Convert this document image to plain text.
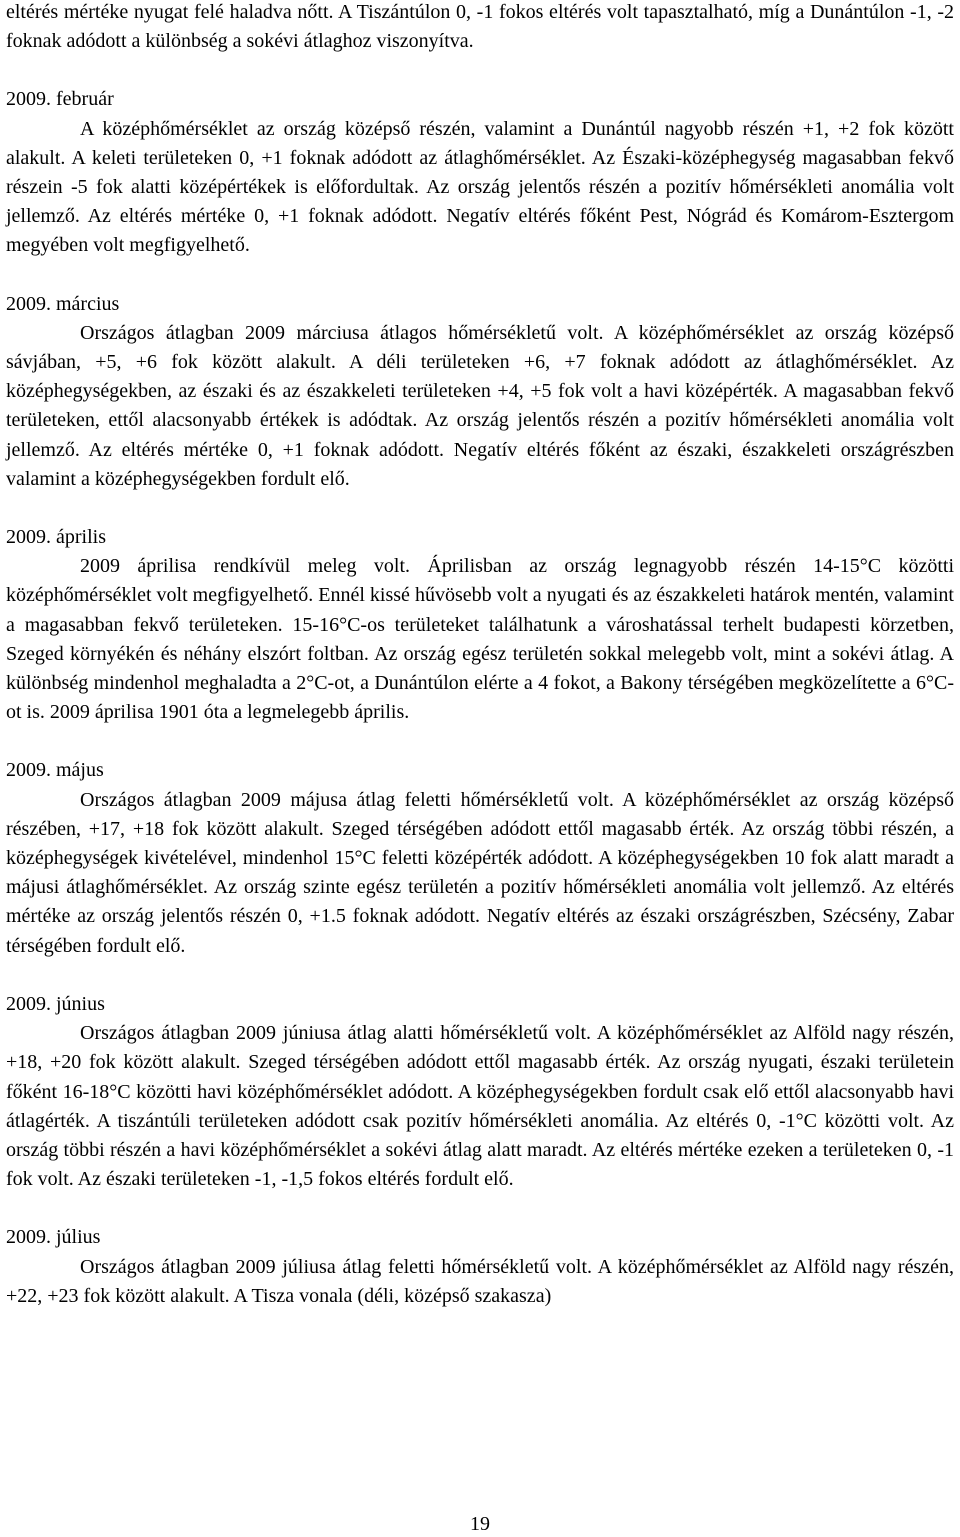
eltérés mértéke nyugat felé haladva nőtt. A Tiszántúlon 0, -1 fokos eltérés volt tapasztalható, míg a Dunántúlon -1, -2 foknak adódott a különbség a sokévi átlaghoz viszonyítva.

2009. február

A középhőmérséklet az ország középső részén, valamint a Dunántúl nagyobb részén +1, +2 fok között alakult. A keleti területeken 0, +1 foknak adódott az átlaghőmérséklet. Az Északi-középhegység magasabban fekvő részein -5 fok alatti középértékek is előfordultak. Az ország jelentős részén a pozitív hőmérsékleti anomália volt jellemző. Az eltérés mértéke 0, +1 foknak adódott. Negatív eltérés főként Pest, Nógrád és Komárom-Esztergom megyében volt megfigyelhető.

2009. március

Országos átlagban 2009 márciusa átlagos hőmérsékletű volt. A középhőmérséklet az ország középső sávjában, +5, +6 fok között alakult. A déli területeken +6, +7 foknak adódott az átlaghőmérséklet. Az középhegységekben, az északi és az északkeleti területeken +4, +5 fok volt a havi középérték. A magasabban fekvő területeken, ettől alacsonyabb értékek is adódtak. Az ország jelentős részén a pozitív hőmérsékleti anomália volt jellemző. Az eltérés mértéke 0, +1 foknak adódott. Negatív eltérés főként az északi, északkeleti országrészben valamint a középhegységekben fordult elő.

2009. április

2009 áprilisa rendkívül meleg volt. Áprilisban az ország legnagyobb részén 14-15°C közötti középhőmérséklet volt megfigyelhető. Ennél kissé hűvösebb volt a nyugati és az északkeleti határok mentén, valamint a magasabban fekvő területeken. 15-16°C-os területeket találhatunk a városhatással terhelt budapesti körzetben, Szeged környékén és néhány elszórt foltban. Az ország egész területén sokkal melegebb volt, mint a sokévi átlag. A különbség mindenhol meghaladta a 2°C-ot, a Dunántúlon elérte a 4 fokot, a Bakony térségében megközelítette a 6°C-ot is. 2009 áprilisa 1901 óta a legmelegebb április.

2009. május

Országos átlagban 2009 májusa átlag feletti hőmérsékletű volt. A középhőmérséklet az ország középső részében, +17, +18 fok között alakult. Szeged térségében adódott ettől magasabb érték. Az ország többi részén, a középhegységek kivételével, mindenhol 15°C feletti középérték adódott. A középhegységekben 10 fok alatt maradt a májusi átlaghőmérséklet. Az ország szinte egész területén a pozitív hőmérsékleti anomália volt jellemző. Az eltérés mértéke az ország jelentős részén 0, +1.5 foknak adódott. Negatív eltérés az északi országrészben, Szécsény, Zabar térségében fordult elő.

2009. június

Országos átlagban 2009 júniusa átlag alatti hőmérsékletű volt. A középhőmérséklet az Alföld nagy részén, +18, +20 fok között alakult. Szeged térségében adódott ettől magasabb érték. Az ország nyugati, északi területein főként 16-18°C közötti havi középhőmérséklet adódott. A középhegységekben fordult csak elő ettől alacsonyabb havi átlagérték. A tiszántúli területeken adódott csak pozitív hőmérsékleti anomália. Az eltérés 0, -1°C közötti volt. Az ország többi részén a havi középhőmérséklet a sokévi átlag alatt maradt. Az eltérés mértéke ezeken a területeken 0, -1 fok volt. Az északi területeken -1, -1,5 fokos eltérés fordult elő.

2009. július

Országos átlagban 2009 júliusa átlag feletti hőmérsékletű volt. A középhőmérséklet az Alföld nagy részén, +22, +23 fok között alakult. A Tisza vonala (déli, középső szakasza)

19
